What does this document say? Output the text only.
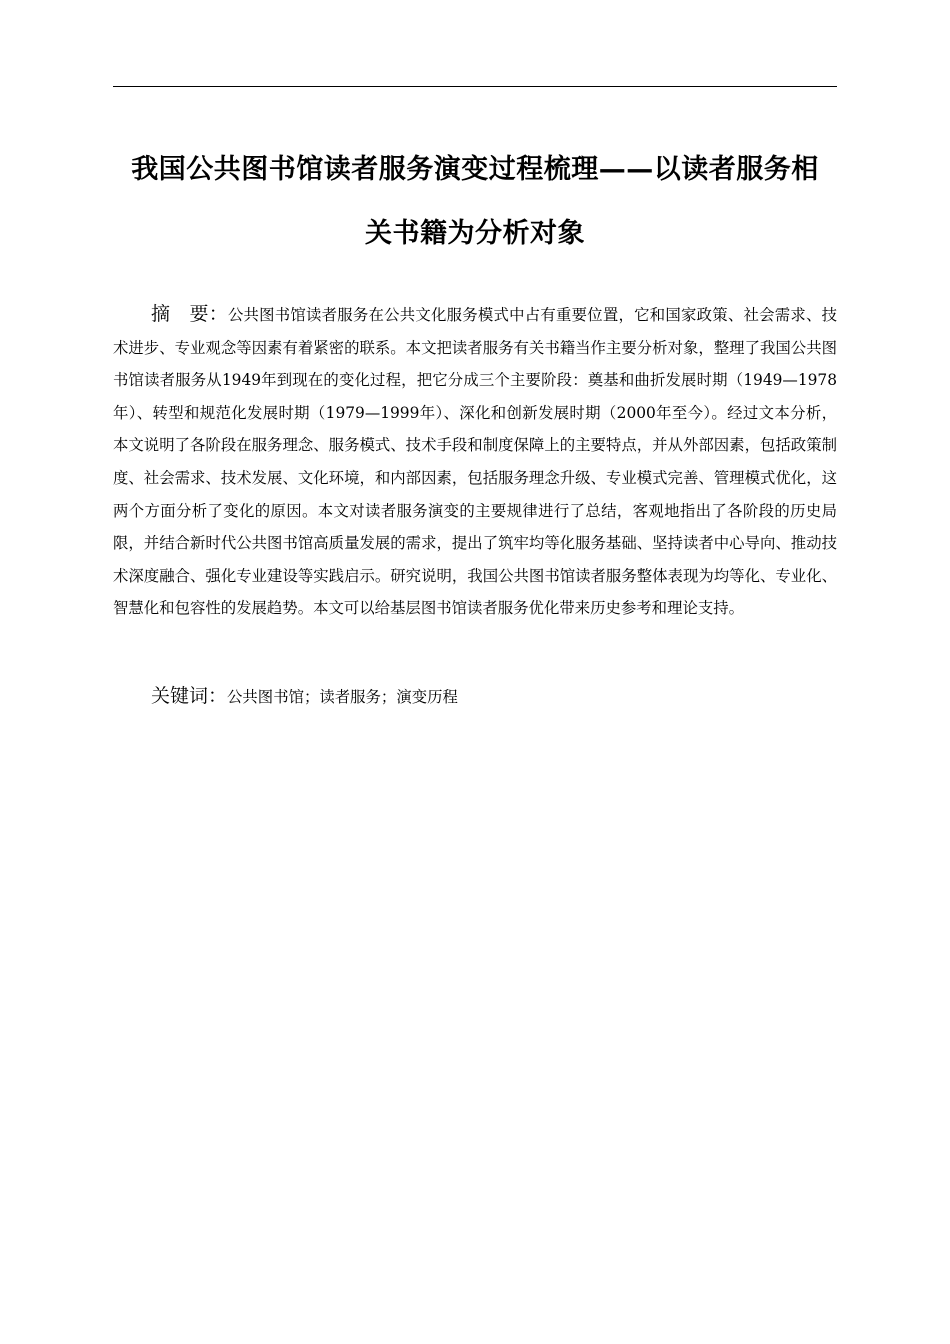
我国公共图书馆读者服务演变过程梳理——以读者服务相
关书籍为分析对象

摘　要：公共图书馆读者服务在公共文化服务模式中占有重要位置，它和国家政策、社会需求、技术进步、专业观念等因素有着紧密的联系。本文把读者服务有关书籍当作主要分析对象，整理了我国公共图书馆读者服务从1949年到现在的变化过程，把它分成三个主要阶段：奠基和曲折发展时期（1949—1978年）、转型和规范化发展时期（1979—1999年）、深化和创新发展时期（2000年至今）。经过文本分析，本文说明了各阶段在服务理念、服务模式、技术手段和制度保障上的主要特点，并从外部因素，包括政策制度、社会需求、技术发展、文化环境，和内部因素，包括服务理念升级、专业模式完善、管理模式优化，这两个方面分析了变化的原因。本文对读者服务演变的主要规律进行了总结，客观地指出了各阶段的历史局限，并结合新时代公共图书馆高质量发展的需求，提出了筑牢均等化服务基础、坚持读者中心导向、推动技术深度融合、强化专业建设等实践启示。研究说明，我国公共图书馆读者服务整体表现为均等化、专业化、智慧化和包容性的发展趋势。本文可以给基层图书馆读者服务优化带来历史参考和理论支持。

关键词：公共图书馆；读者服务；演变历程
